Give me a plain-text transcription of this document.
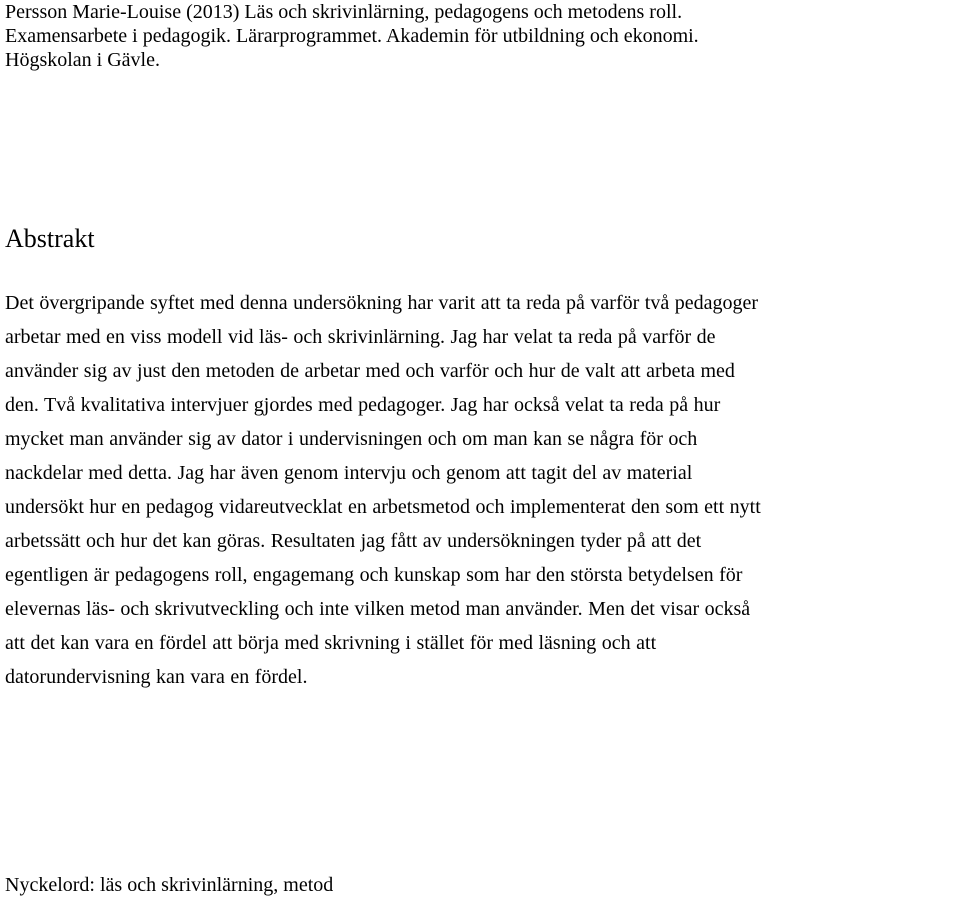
Persson Marie-Louise (2013) Läs och skrivinlärning, pedagogens och metodens roll.
Examensarbete i pedagogik. Lärarprogrammet. Akademin för utbildning och ekonomi.
Högskolan i Gävle.

Abstrakt

Det övergripande syftet med denna undersökning har varit att ta reda på varför två pedagoger
arbetar med en viss modell vid läs- och skrivinlärning. Jag har velat ta reda på varför de
använder sig av just den metoden de arbetar med och varför och hur de valt att arbeta med
den. Två kvalitativa intervjuer gjordes med pedagoger. Jag har också velat ta reda på hur
mycket man använder sig av dator i undervisningen och om man kan se några för och
nackdelar med detta. Jag har även genom intervju och genom att tagit del av material
undersökt hur en pedagog vidareutvecklat en arbetsmetod och implementerat den som ett nytt
arbetssätt och hur det kan göras. Resultaten jag fått av undersökningen tyder på att det
egentligen är pedagogens roll, engagemang och kunskap som har den största betydelsen för
elevernas läs- och skrivutveckling och inte vilken metod man använder. Men det visar också
att det kan vara en fördel att börja med skrivning i stället för med läsning och att
datorundervisning kan vara en fördel.

Nyckelord: läs och skrivinlärning, metod
